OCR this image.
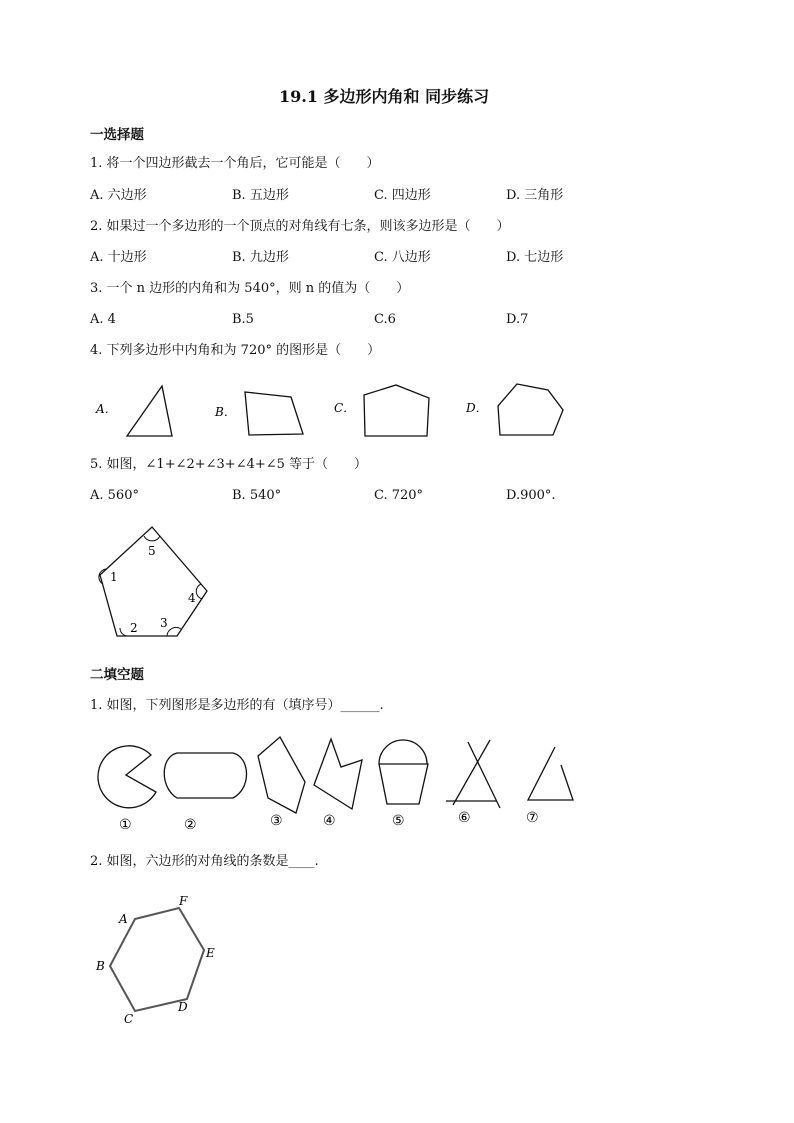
19.1 多边形内角和 同步练习
一选择题
1. 将一个四边形截去一个角后，它可能是（　　）
A. 六边形	B. 五边形	C. 四边形	D. 三角形
2. 如果过一个多边形的一个顶点的对角线有七条，则该多边形是（　　）
A. 十边形	B. 九边形	C. 八边形	D. 七边形
3. 一个 n 边形的内角和为 540°，则 n 的值为（　　）
A. 4	B.5	C.6	D.7
4. 下列多边形中内角和为 720° 的图形是（　　）
A．	B．	C．	D．
5. 如图，∠1+∠2+∠3+∠4+∠5 等于（　　）
A. 560°	B. 540°	C. 720°	D.900°.
5
1
4
2 3
二填空题
1. 如图，下列图形是多边形的有（填序号）______.
①	②	③	④	⑤	⑥	⑦
2. 如图，六边形的对角线的条数是____.
A
F
B
E
C
D
